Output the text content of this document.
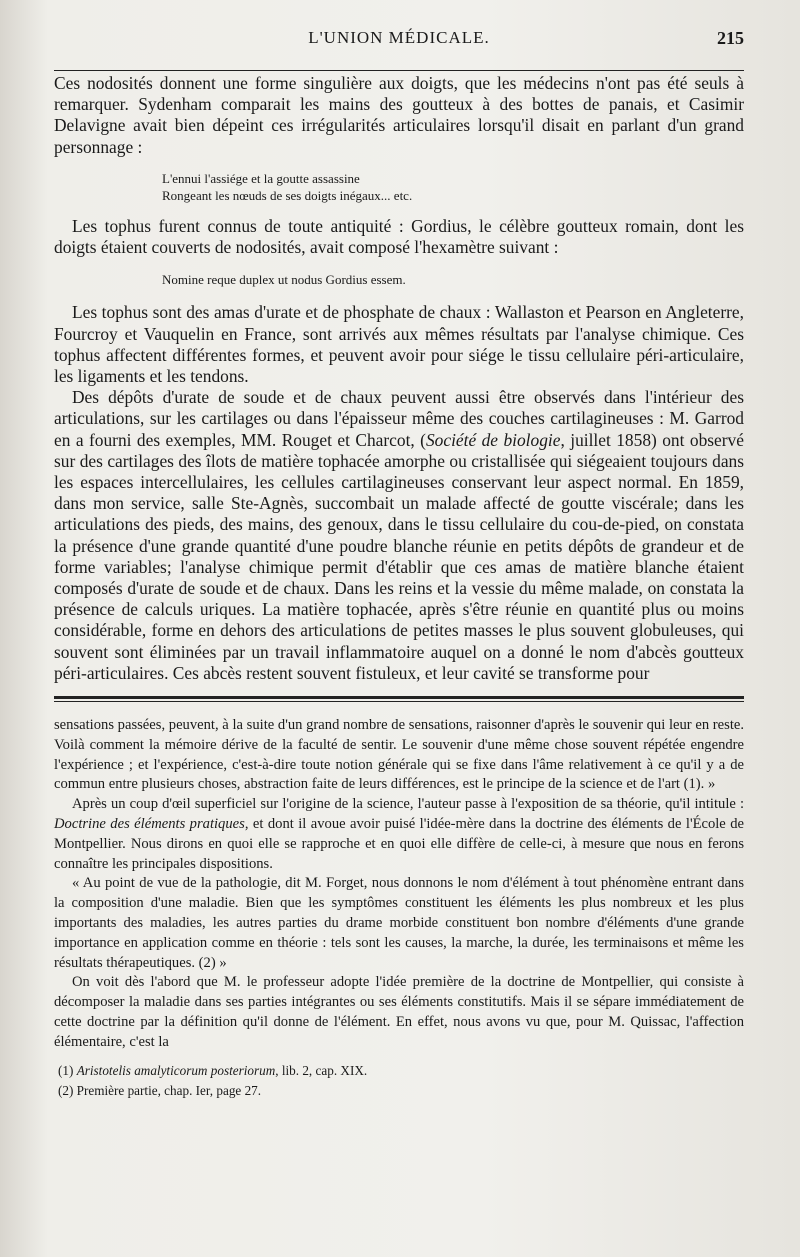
L'UNION MÉDICALE.	215

Ces nodosités donnent une forme singulière aux doigts, que les médecins n'ont pas été seuls à remarquer. Sydenham comparait les mains des goutteux à des bottes de panais, et Casimir Delavigne avait bien dépeint ces irrégularités articulaires lorsqu'il disait en parlant d'un grand personnage :

L'ennui l'assiége et la goutte assassine
Rongeant les nœuds de ses doigts inégaux... etc.

Les tophus furent connus de toute antiquité : Gordius, le célèbre goutteux romain, dont les doigts étaient couverts de nodosités, avait composé l'hexamètre suivant :

Nomine reque duplex ut nodus Gordius essem.

Les tophus sont des amas d'urate et de phosphate de chaux : Wallaston et Pearson en Angleterre, Fourcroy et Vauquelin en France, sont arrivés aux mêmes résultats par l'analyse chimique. Ces tophus affectent différentes formes, et peuvent avoir pour siége le tissu cellulaire péri-articulaire, les ligaments et les tendons.

Des dépôts d'urate de soude et de chaux peuvent aussi être observés dans l'intérieur des articulations, sur les cartilages ou dans l'épaisseur même des couches cartilagineuses : M. Garrod en a fourni des exemples, MM. Rouget et Charcot, (Société de biologie, juillet 1858) ont observé sur des cartilages des îlots de matière tophacée amorphe ou cristallisée qui siégeaient toujours dans les espaces intercellulaires, les cellules cartilagineuses conservant leur aspect normal. En 1859, dans mon service, salle Ste-Agnès, succombait un malade affecté de goutte viscérale; dans les articulations des pieds, des mains, des genoux, dans le tissu cellulaire du cou-de-pied, on constata la présence d'une grande quantité d'une poudre blanche réunie en petits dépôts de grandeur et de forme variables; l'analyse chimique permit d'établir que ces amas de matière blanche étaient composés d'urate de soude et de chaux. Dans les reins et la vessie du même malade, on constata la présence de calculs uriques. La matière tophacée, après s'être réunie en quantité plus ou moins considérable, forme en dehors des articulations de petites masses le plus souvent globuleuses, qui souvent sont éliminées par un travail inflammatoire auquel on a donné le nom d'abcès goutteux péri-articulaires. Ces abcès restent souvent fistuleux, et leur cavité se transforme pour

sensations passées, peuvent, à la suite d'un grand nombre de sensations, raisonner d'après le souvenir qui leur en reste. Voilà comment la mémoire dérive de la faculté de sentir. Le souvenir d'une même chose souvent répétée engendre l'expérience ; et l'expérience, c'est-à-dire toute notion générale qui se fixe dans l'âme relativement à ce qu'il y a de commun entre plusieurs choses, abstraction faite de leurs différences, est le principe de la science et de l'art (1). »

Après un coup d'œil superficiel sur l'origine de la science, l'auteur passe à l'exposition de sa théorie, qu'il intitule : Doctrine des éléments pratiques, et dont il avoue avoir puisé l'idée-mère dans la doctrine des éléments de l'École de Montpellier. Nous dirons en quoi elle se rapproche et en quoi elle diffère de celle-ci, à mesure que nous en ferons connaître les principales dispositions.

« Au point de vue de la pathologie, dit M. Forget, nous donnons le nom d'élément à tout phénomène entrant dans la composition d'une maladie. Bien que les symptômes constituent les éléments les plus nombreux et les plus importants des maladies, les autres parties du drame morbide constituent bon nombre d'éléments d'une grande importance en application comme en théorie : tels sont les causes, la marche, la durée, les terminaisons et même les résultats thérapeutiques. (2) »

On voit dès l'abord que M. le professeur adopte l'idée première de la doctrine de Montpellier, qui consiste à décomposer la maladie dans ses parties intégrantes ou ses éléments constitutifs. Mais il se sépare immédiatement de cette doctrine par la définition qu'il donne de l'élément. En effet, nous avons vu que, pour M. Quissac, l'affection élémentaire, c'est la

(1) Aristotelis amalyticorum posteriorum, lib. 2, cap. XIX.
(2) Première partie, chap. Ier, page 27.
